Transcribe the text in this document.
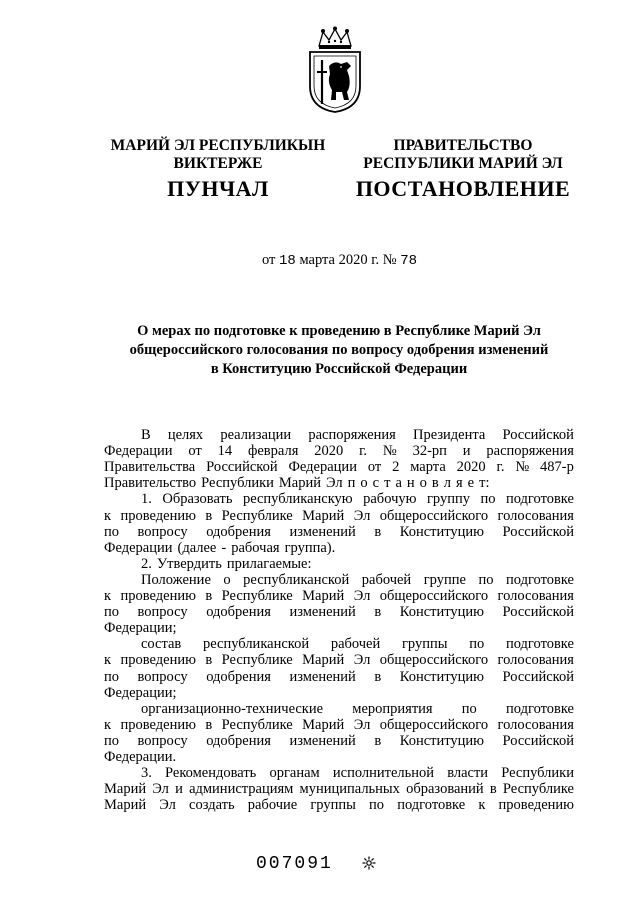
МАРИЙ ЭЛ РЕСПУБЛИКЫН
ВИКТЕРЖЕ
ПУНЧАЛ
ПРАВИТЕЛЬСТВО
РЕСПУБЛИКИ МАРИЙ ЭЛ
ПОСТАНОВЛЕНИЕ
от 18 марта 2020 г. № 78
О мерах по подготовке к проведению в Республике Марий Эл
общероссийского голосования по вопросу одобрения изменений
в Конституцию Российской Федерации
В целях реализации распоряжения Президента Российской
Федерации от 14 февраля 2020 г. № 32-рп и распоряжения
Правительства Российской Федерации от 2 марта 2020 г. № 487-р
Правительство Республики Марий Эл п о с т а н о в л я е т:
1. Образовать республиканскую рабочую группу по подготовке
к проведению в Республике Марий Эл общероссийского голосования
по вопросу одобрения изменений в Конституцию Российской
Федерации (далее - рабочая группа).
2. Утвердить прилагаемые:
Положение о республиканской рабочей группе по подготовке
к проведению в Республике Марий Эл общероссийского голосования
по вопросу одобрения изменений в Конституцию Российской
Федерации;
состав республиканской рабочей группы по подготовке
к проведению в Республике Марий Эл общероссийского голосования
по вопросу одобрения изменений в Конституцию Российской
Федерации;
организационно-технические мероприятия по подготовке
к проведению в Республике Марий Эл общероссийского голосования
по вопросу одобрения изменений в Конституцию Российской
Федерации.
3. Рекомендовать органам исполнительной власти Республики
Марий Эл и администрациям муниципальных образований в Республике
Марий Эл создать рабочие группы по подготовке к проведению
007091
